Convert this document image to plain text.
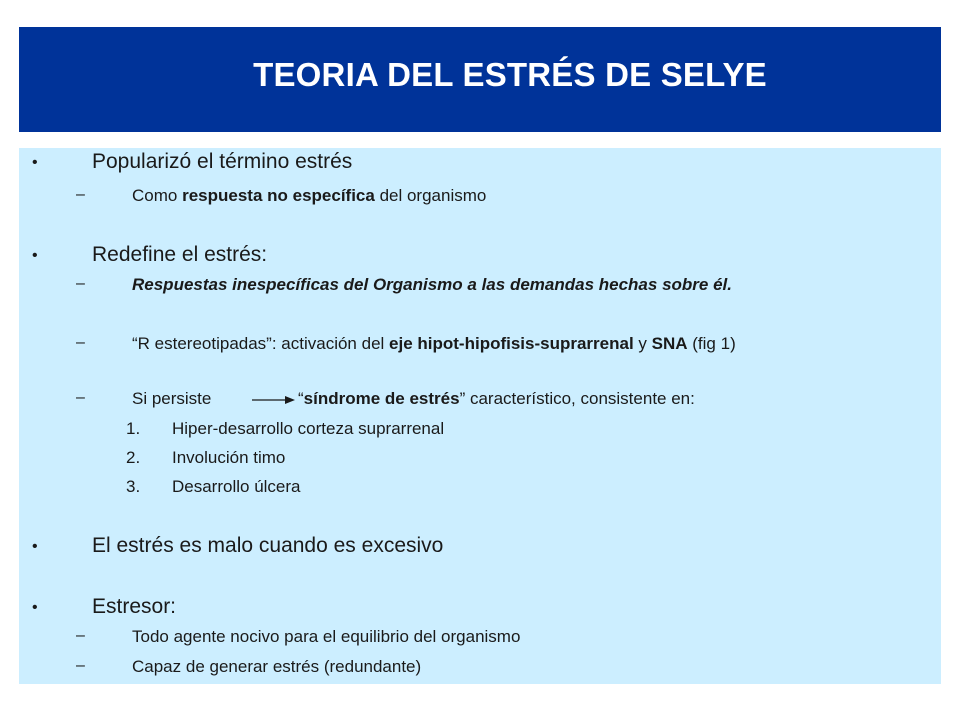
TEORIA DEL ESTRÉS DE SELYE
•	Popularizó el término estrés
–	Como respuesta no específica del organismo
•	Redefine el estrés:
–	Respuestas inespecíficas del Organismo a las demandas hechas sobre él.
–	“R estereotipadas”: activación del eje hipot-hipofisis-suprarrenal y SNA (fig 1)
–	Si persiste	“síndrome de estrés” característico, consistente en:
1. Hiper-desarrollo corteza suprarrenal
2. Involución timo
3. Desarrollo úlcera
•	El estrés es malo cuando es excesivo
•	Estresor:
–	Todo agente nocivo para el equilibrio del organismo
–	Capaz de generar estrés (redundante)
